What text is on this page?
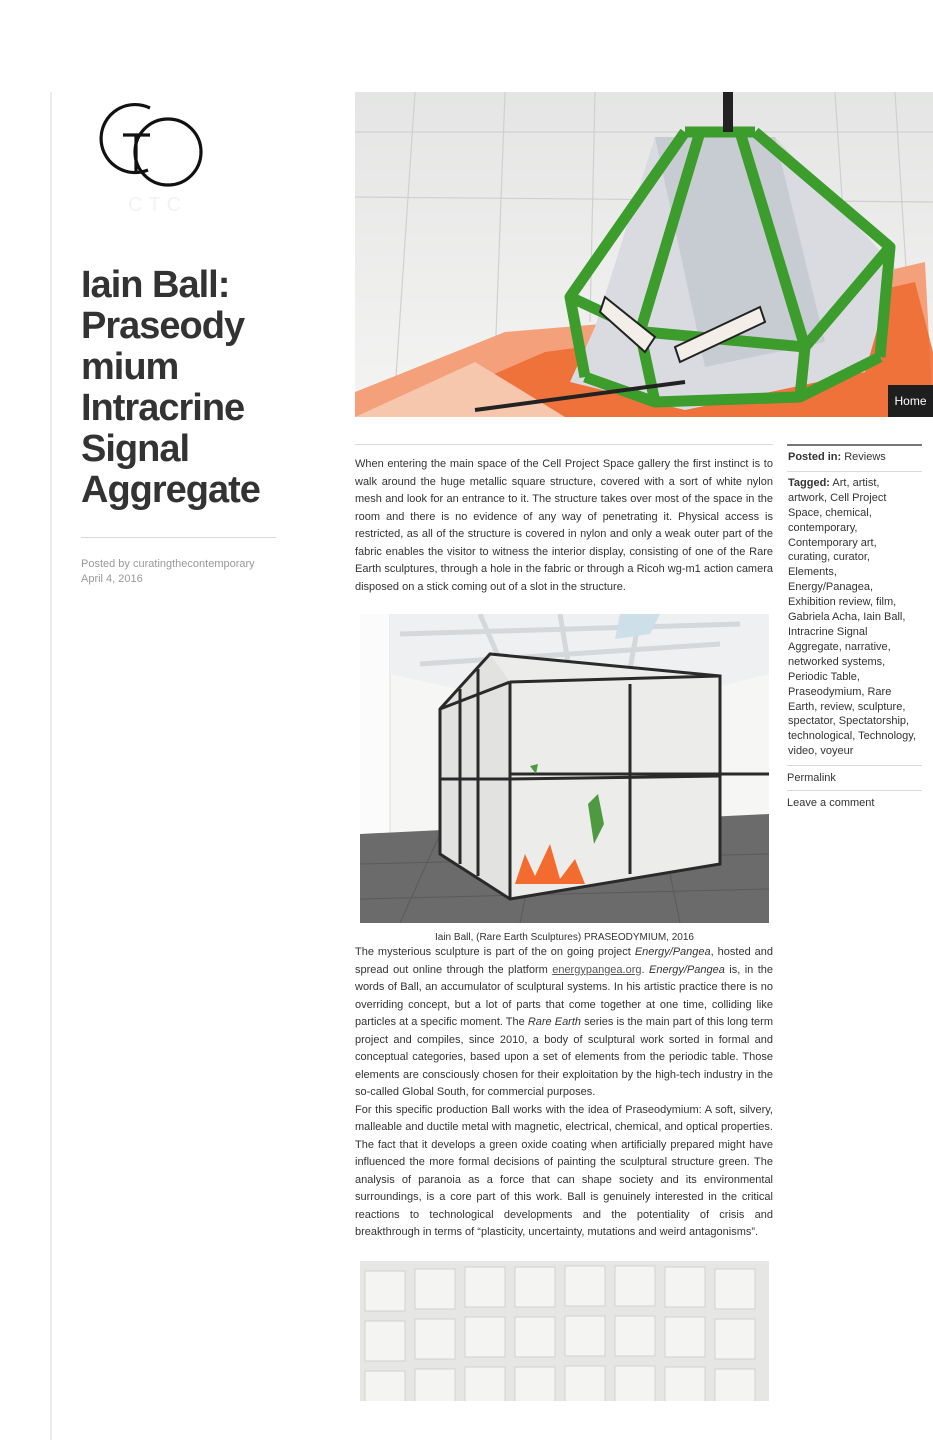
CTC
Iain Ball:
Praseody
mium
Intracrine
Signal
Aggregate
Posted by curatingthecontemporary
April 4, 2016
Home

When entering the main space of the Cell Project Space gallery the first instinct is to walk around the huge metallic square structure, covered with a sort of white nylon mesh and look for an entrance to it. The structure takes over most of the space in the room and there is no evidence of any way of penetrating it. Physical access is restricted, as all of the structure is covered in nylon and only a weak outer part of the fabric enables the visitor to witness the interior display, consisting of one of the Rare Earth sculptures, through a hole in the fabric or through a Ricoh wg-m1 action camera disposed on a stick coming out of a slot in the structure.

Iain Ball, (Rare Earth Sculptures) PRASEODYMIUM, 2016

The mysterious sculpture is part of the on going project Energy/Pangea, hosted and spread out online through the platform energypangea.org. Energy/Pangea is, in the words of Ball, an accumulator of sculptural systems. In his artistic practice there is no overriding concept, but a lot of parts that come together at one time, colliding like particles at a specific moment. The Rare Earth series is the main part of this long term project and compiles, since 2010, a body of sculptural work sorted in formal and conceptual categories, based upon a set of elements from the periodic table. Those elements are consciously chosen for their exploitation by the high-tech industry in the so-called Global South, for commercial purposes.

For this specific production Ball works with the idea of Praseodymium: A soft, silvery, malleable and ductile metal with magnetic, electrical, chemical, and optical properties. The fact that it develops a green oxide coating when artificially prepared might have influenced the more formal decisions of painting the sculptural structure green. The analysis of paranoia as a force that can shape society and its environmental surroundings, is a core part of this work. Ball is genuinely interested in the critical reactions to technological developments and the potentiality of crisis and breakthrough in terms of “plasticity, uncertainty, mutations and weird antagonisms”.

Posted in: Reviews
Tagged: Art, artist, artwork, Cell Project Space, chemical, contemporary, Contemporary art, curating, curator, Elements, Energy/Panagea, Exhibition review, film, Gabriela Acha, Iain Ball, Intracrine Signal Aggregate, narrative, networked systems, Periodic Table, Praseodymium, Rare Earth, review, sculpture, spectator, Spectatorship, technological, Technology, video, voyeur
Permalink
Leave a comment
